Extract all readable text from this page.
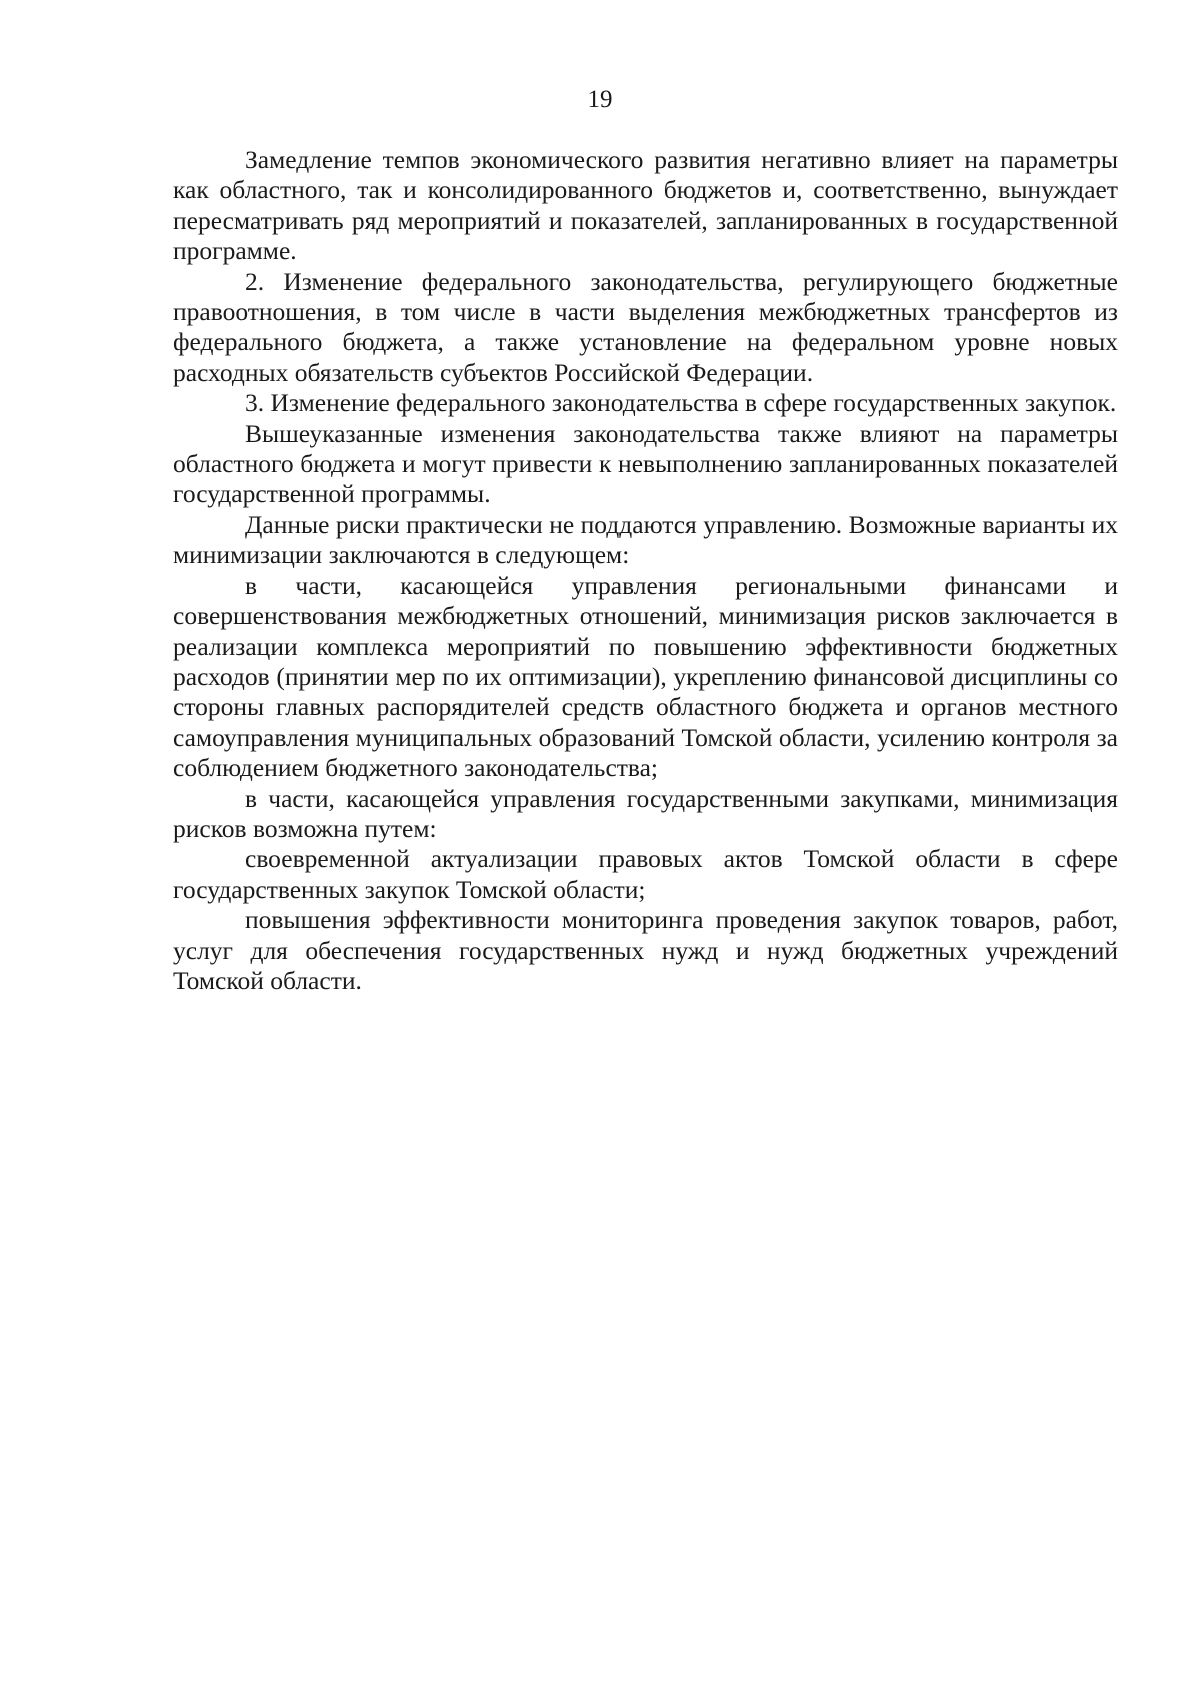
19

Замедление темпов экономического развития негативно влияет на параметры как областного, так и консолидированного бюджетов и, соответственно, вынуждает пересматривать ряд мероприятий и показателей, запланированных в государственной программе.

2. Изменение федерального законодательства, регулирующего бюджетные правоотношения, в том числе в части выделения межбюджетных трансфертов из федерального бюджета, а также установление на федеральном уровне новых расходных обязательств субъектов Российской Федерации.

3. Изменение федерального законодательства в сфере государственных закупок.

Вышеуказанные изменения законодательства также влияют на параметры областного бюджета и могут привести к невыполнению запланированных показателей государственной программы.

Данные риски практически не поддаются управлению. Возможные варианты их минимизации заключаются в следующем:

в части, касающейся управления региональными финансами и совершенствования межбюджетных отношений, минимизация рисков заключается в реализации комплекса мероприятий по повышению эффективности бюджетных расходов (принятии мер по их оптимизации), укреплению финансовой дисциплины со стороны главных распорядителей средств областного бюджета и органов местного самоуправления муниципальных образований Томской области, усилению контроля за соблюдением бюджетного законодательства;

в части, касающейся управления государственными закупками, минимизация рисков возможна путем:

своевременной актуализации правовых актов Томской области в сфере государственных закупок Томской области;

повышения эффективности мониторинга проведения закупок товаров, работ, услуг для обеспечения государственных нужд и нужд бюджетных учреждений Томской области.
